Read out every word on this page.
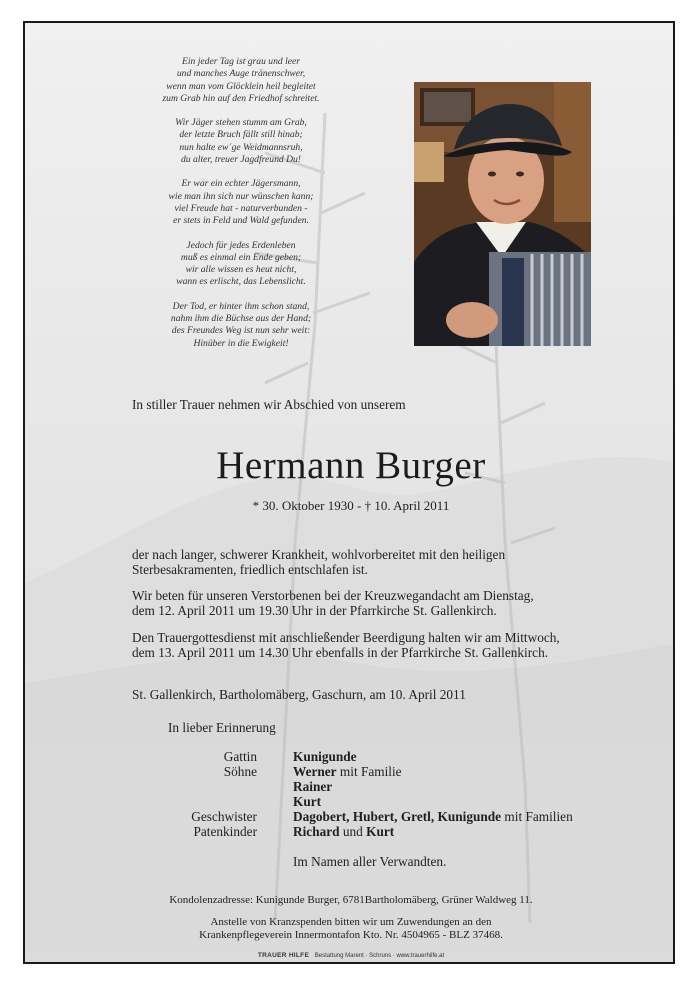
Ein jeder Tag ist grau und leer
und manches Auge tränenschwer,
wenn man vom Glöcklein heil begleitet
zum Grab hin auf den Friedhof schreitet.
Wir Jäger stehen stumm am Grab,
der letzte Bruch fällt still hinab;
nun halte ew´ge Weidmannsruh,
du alter, treuer Jagdfreund Du!
Er war ein echter Jägersmann,
wie man ihn sich nur wünschen kann;
viel Freude hat - naturverbunden -
er stets in Feld und Wald gefunden.
Jedoch für jedes Erdenleben
muß es einmal ein Ende geben;
wir alle wissen es heut nicht,
wann es erlischt, das Lebenslicht.
Der Tod, er hinter ihm schon stand,
nahm ihm die Büchse aus der Hand;
des Freundes Weg ist nun sehr weit:
Hinüber in die Ewigkeit!
In stiller Trauer nehmen wir Abschied von unserem
Hermann Burger
* 30. Oktober 1930 - † 10. April 2011
der nach langer, schwerer Krankheit, wohlvorbereitet mit den heiligen
Sterbesakramenten, friedlich entschlafen ist.
Wir beten für unseren Verstorbenen bei der Kreuzwegandacht am Dienstag,
dem 12. April 2011 um 19.30 Uhr in der Pfarrkirche St. Gallenkirch.
Den Trauergottesdienst mit anschließender Beerdigung halten wir am Mittwoch,
dem 13. April 2011 um 14.30 Uhr ebenfalls in der Pfarrkirche St. Gallenkirch.
St. Gallenkirch, Bartholomäberg, Gaschurn, am 10. April 2011
In lieber Erinnerung
Gattin	Kunigunde
Söhne	Werner mit Familie
Rainer
Kurt
Geschwister	Dagobert, Hubert, Gretl, Kunigunde mit Familien
Patenkinder	Richard und Kurt
Im Namen aller Verwandten.
Kondolenzadresse: Kunigunde Burger, 6781Bartholomäberg, Grüner Waldweg 11.
Anstelle von Kranzspenden bitten wir um Zuwendungen an den
Krankenpflegeverein Innermontafon Kto. Nr. 4504965 - BLZ 37468.
TRAUER HILFE Bestattung Marent · Schruns · www.trauerhilfe.at
